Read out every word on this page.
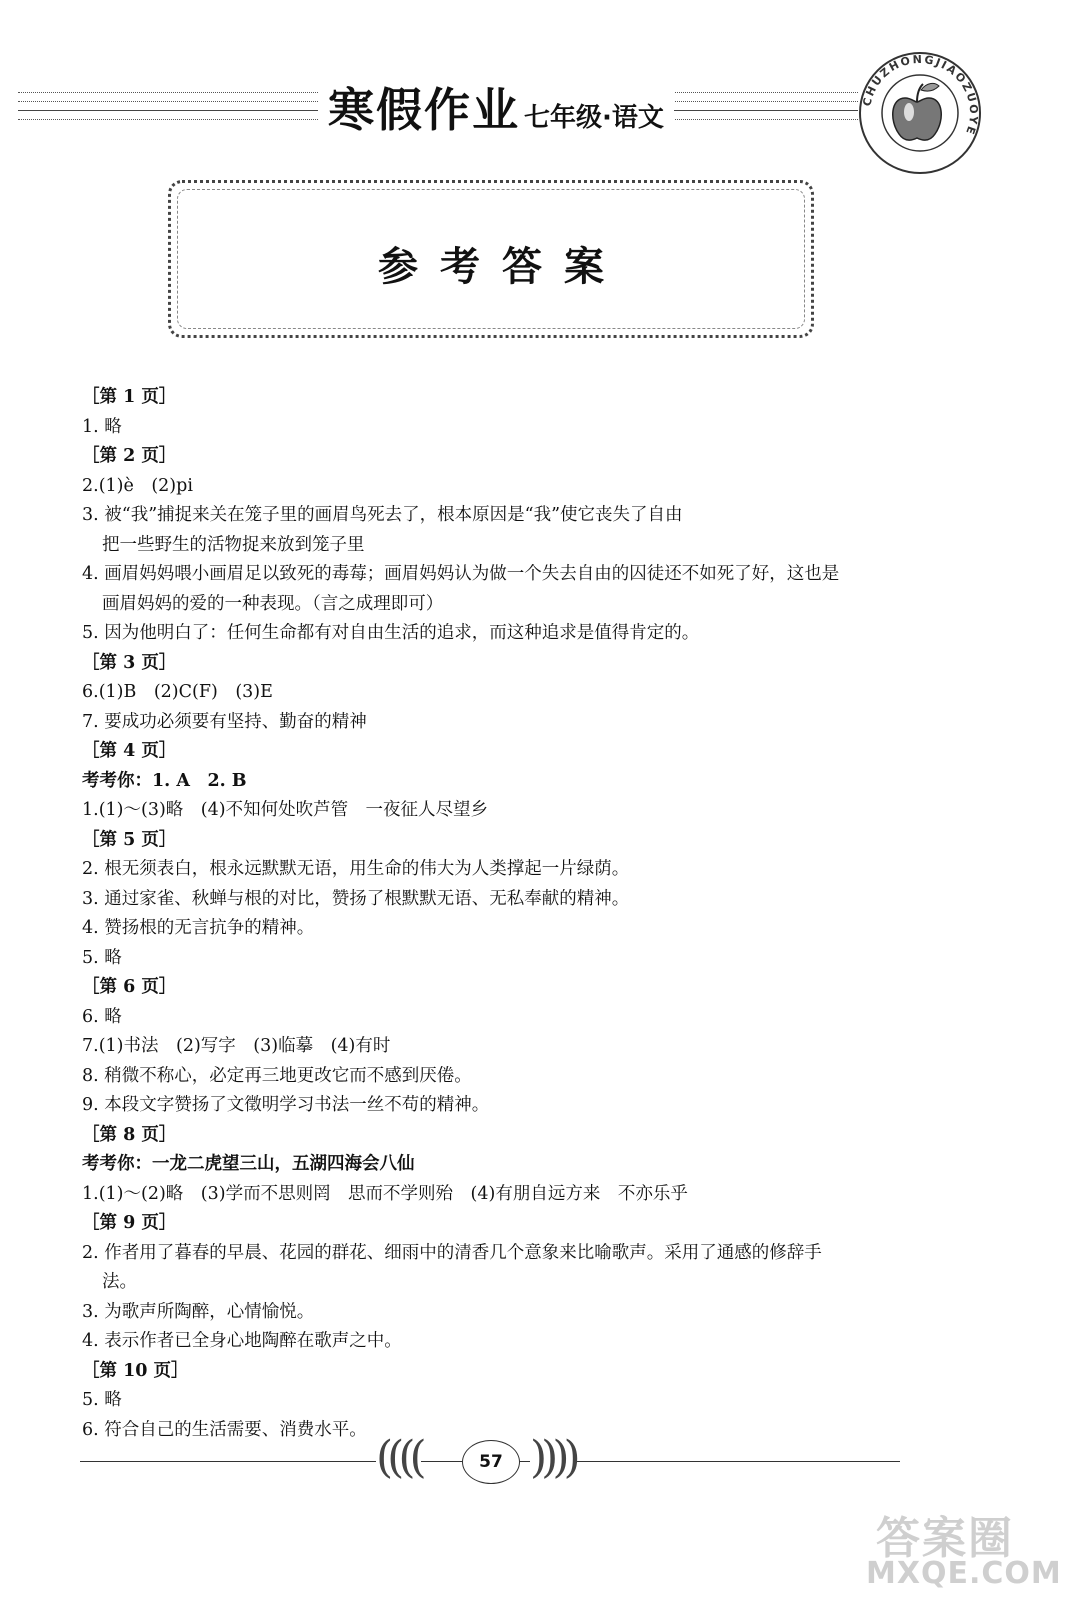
寒假作业 七年级·语文
CHUZHONGJIAOZUOYE
参考答案
［第 1 页］
1. 略
［第 2 页］
2.(1)è　(2)pi
3. 被“我”捕捉来关在笼子里的画眉鸟死去了，根本原因是“我”使它丧失了自由
把一些野生的活物捉来放到笼子里
4. 画眉妈妈喂小画眉足以致死的毒莓；画眉妈妈认为做一个失去自由的囚徒还不如死了好，这也是
画眉妈妈的爱的一种表现。（言之成理即可）
5. 因为他明白了：任何生命都有对自由生活的追求，而这种追求是值得肯定的。
［第 3 页］
6.(1)B　(2)C(F)　(3)E
7. 要成功必须要有坚持、勤奋的精神
［第 4 页］
考考你：1. A　2. B
1.(1)～(3)略　(4)不知何处吹芦管　一夜征人尽望乡
［第 5 页］
2. 根无须表白，根永远默默无语，用生命的伟大为人类撑起一片绿荫。
3. 通过家雀、秋蝉与根的对比，赞扬了根默默无语、无私奉献的精神。
4. 赞扬根的无言抗争的精神。
5. 略
［第 6 页］
6. 略
7.(1)书法　(2)写字　(3)临摹　(4)有时
8. 稍微不称心，必定再三地更改它而不感到厌倦。
9. 本段文字赞扬了文徵明学习书法一丝不苟的精神。
［第 8 页］
考考你：一龙二虎望三山，五湖四海会八仙
1.(1)～(2)略　(3)学而不思则罔　思而不学则殆　(4)有朋自远方来　不亦乐乎
［第 9 页］
2. 作者用了暮春的早晨、花园的群花、细雨中的清香几个意象来比喻歌声。采用了通感的修辞手
法。
3. 为歌声所陶醉，心情愉悦。
4. 表示作者已全身心地陶醉在歌声之中。
［第 10 页］
5. 略
6. 符合自己的生活需要、消费水平。
(((( ))))
57
答案圈
MXQE.COM
